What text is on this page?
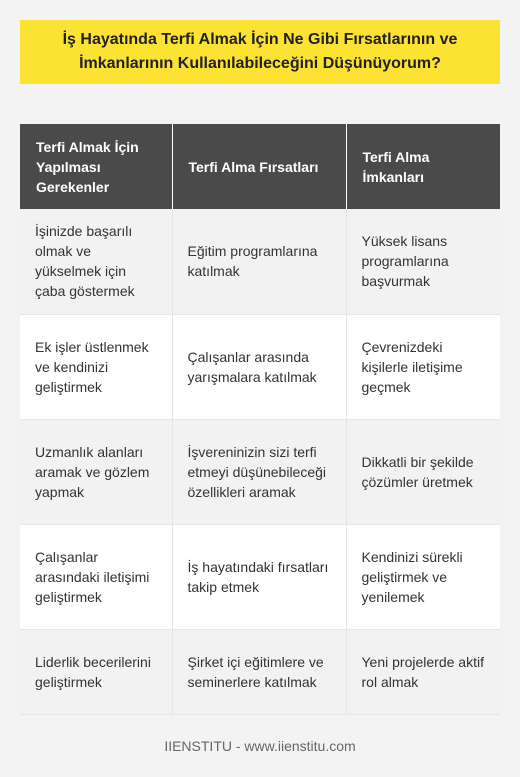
İş Hayatında Terfi Almak İçin Ne Gibi Fırsatlarının ve
İmkanlarının Kullanılabileceğini Düşünüyorum?
Terfi Almak İçin Yapılması Gerekenler	Terfi Alma Fırsatları	Terfi Alma İmkanları
İşinizde başarılı olmak ve yükselmek için çaba göstermek	Eğitim programlarına katılmak	Yüksek lisans programlarına başvurmak
Ek işler üstlenmek ve kendinizi geliştirmek	Çalışanlar arasında yarışmalara katılmak	Çevrenizdeki kişilerle iletişime geçmek
Uzmanlık alanları aramak ve gözlem yapmak	İşvereninizin sizi terfi etmeyi düşünebileceği özellikleri aramak	Dikkatli bir şekilde çözümler üretmek
Çalışanlar arasındaki iletişimi geliştirmek	İş hayatındaki fırsatları takip etmek	Kendinizi sürekli geliştirmek ve yenilemek
Liderlik becerilerini geliştirmek	Şirket içi eğitimlere ve seminerlere katılmak	Yeni projelerde aktif rol almak
IIENSTITU - www.iienstitu.com
